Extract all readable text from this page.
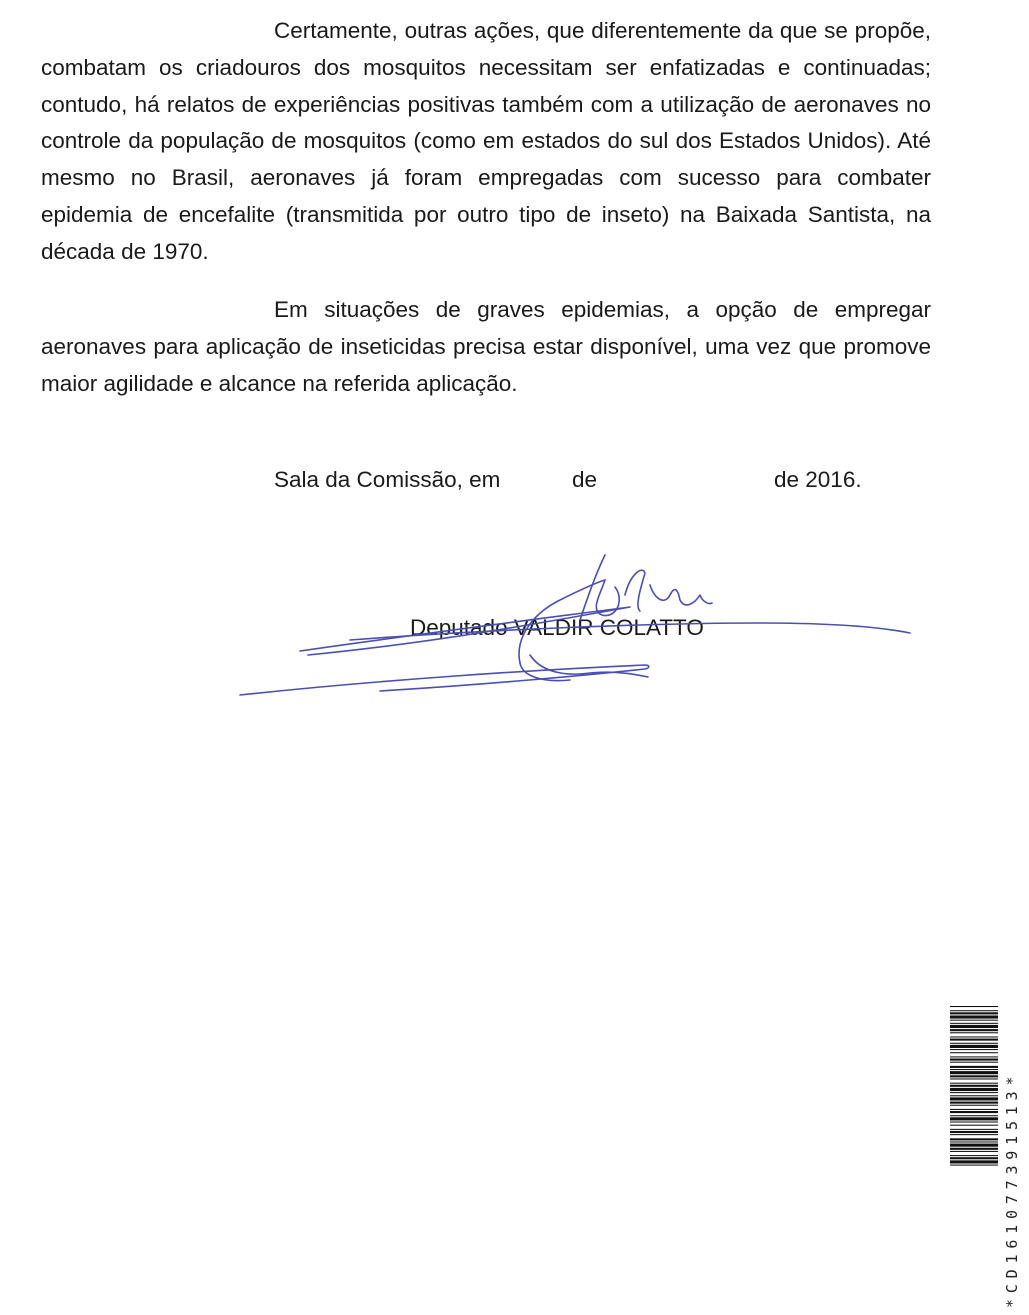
Certamente, outras ações, que diferentemente da que se propõe, combatam os criadouros dos mosquitos necessitam ser enfatizadas e continuadas; contudo, há relatos de experiências positivas também com a utilização de aeronaves no controle da população de mosquitos (como em estados do sul dos Estados Unidos). Até mesmo no Brasil, aeronaves já foram empregadas com sucesso para combater epidemia de encefalite (transmitida por outro tipo de inseto) na Baixada Santista, na década de 1970.

Em situações de graves epidemias, a opção de empregar aeronaves para aplicação de inseticidas precisa estar disponível, uma vez que promove maior agilidade e alcance na referida aplicação.

Sala da Comissão, em	de	de 2016.
Deputado VALDIR COLATTO
*CD161077391513*
